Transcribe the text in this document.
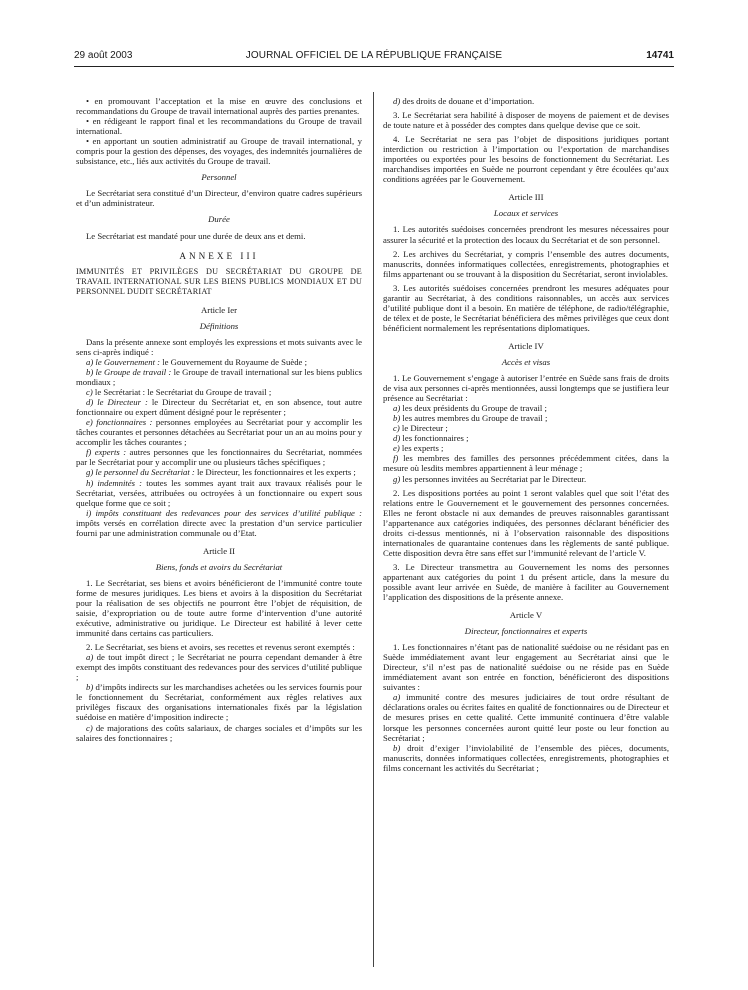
29 août 2003	JOURNAL OFFICIEL DE LA RÉPUBLIQUE FRANÇAISE	14741

• en promouvant l’acceptation et la mise en œuvre des conclusions et recommandations du Groupe de travail international auprès des parties prenantes.

• en rédigeant le rapport final et les recommandations du Groupe de travail international.

• en apportant un soutien administratif au Groupe de travail international, y compris pour la gestion des dépenses, des voyages, des indemnités journalières de subsistance, etc., liés aux activités du Groupe de travail.

Personnel

Le Secrétariat sera constitué d’un Directeur, d’environ quatre cadres supérieurs et d’un administrateur.

Durée

Le Secrétariat est mandaté pour une durée de deux ans et demi.

ANNEXE III

IMMUNITÉS ET PRIVILÈGES DU SECRÉTARIAT DU GROUPE DE TRAVAIL INTERNATIONAL SUR LES BIENS PUBLICS MONDIAUX ET DU PERSONNEL DUDIT SECRÉTARIAT

Article Ier
Définitions

Dans la présente annexe sont employés les expressions et mots suivants avec le sens ci-après indiqué :

a) le Gouvernement : le Gouvernement du Royaume de Suède ;

b) le Groupe de travail : le Groupe de travail international sur les biens publics mondiaux ;

c) le Secrétariat : le Secrétariat du Groupe de travail ;

d) le Directeur : le Directeur du Secrétariat et, en son absence, tout autre fonctionnaire ou expert dûment désigné pour le représenter ;

e) fonctionnaires : personnes employées au Secrétariat pour y accomplir les tâches courantes et personnes détachées au Secrétariat pour un an au moins pour y accomplir les tâches courantes ;

f) experts : autres personnes que les fonctionnaires du Secrétariat, nommées par le Secrétariat pour y accomplir une ou plusieurs tâches spécifiques ;

g) le personnel du Secrétariat : le Directeur, les fonctionnaires et les experts ;

h) indemnités : toutes les sommes ayant trait aux travaux réalisés pour le Secrétariat, versées, attribuées ou octroyées à un fonctionnaire ou expert sous quelque forme que ce soit ;

i) impôts constituant des redevances pour des services d’utilité publique : impôts versés en corrélation directe avec la prestation d’un service particulier fourni par une administration communale ou d’Etat.

Article II
Biens, fonds et avoirs du Secrétariat

1. Le Secrétariat, ses biens et avoirs bénéficieront de l’immunité contre toute forme de mesures juridiques. Les biens et avoirs à la disposition du Secrétariat pour la réalisation de ses objectifs ne pourront être l’objet de réquisition, de saisie, d’expropriation ou de toute autre forme d’intervention d’une autorité exécutive, administrative ou juridique. Le Directeur est habilité à lever cette immunité dans certains cas particuliers.

2. Le Secrétariat, ses biens et avoirs, ses recettes et revenus seront exemptés :

a) de tout impôt direct ; le Secrétariat ne pourra cependant demander à être exempt des impôts constituant des redevances pour des services d’utilité publique ;

b) d’impôts indirects sur les marchandises achetées ou les services fournis pour le fonctionnement du Secrétariat, conformément aux règles relatives aux privilèges fiscaux des organisations internationales fixés par la législation suédoise en matière d’imposition indirecte ;

c) de majorations des coûts salariaux, de charges sociales et d’impôts sur les salaires des fonctionnaires ;

d) des droits de douane et d’importation.

3. Le Secrétariat sera habilité à disposer de moyens de paiement et de devises de toute nature et à posséder des comptes dans quelque devise que ce soit.

4. Le Secrétariat ne sera pas l’objet de dispositions juridiques portant interdiction ou restriction à l’importation ou l’exportation de marchandises importées ou exportées pour les besoins de fonctionnement du Secrétariat. Les marchandises importées en Suède ne pourront cependant y être écoulées qu’aux conditions agréées par le Gouvernement.

Article III
Locaux et services

1. Les autorités suédoises concernées prendront les mesures nécessaires pour assurer la sécurité et la protection des locaux du Secrétariat et de son personnel.

2. Les archives du Secrétariat, y compris l’ensemble des autres documents, manuscrits, données informatiques collectées, enregistrements, photographies et films appartenant ou se trouvant à la disposition du Secrétariat, seront inviolables.

3. Les autorités suédoises concernées prendront les mesures adéquates pour garantir au Secrétariat, à des conditions raisonnables, un accès aux services d’utilité publique dont il a besoin. En matière de téléphone, de radio/télégraphie, de télex et de poste, le Secrétariat bénéficiera des mêmes privilèges que ceux dont bénéficient normalement les représentations diplomatiques.

Article IV
Accès et visas

1. Le Gouvernement s’engage à autoriser l’entrée en Suède sans frais de droits de visa aux personnes ci-après mentionnées, aussi longtemps que se justifiera leur présence au Secrétariat :

a) les deux présidents du Groupe de travail ;

b) les autres membres du Groupe de travail ;

c) le Directeur ;

d) les fonctionnaires ;

e) les experts ;

f) les membres des familles des personnes précédemment citées, dans la mesure où lesdits membres appartiennent à leur ménage ;

g) les personnes invitées au Secrétariat par le Directeur.

2. Les dispositions portées au point 1 seront valables quel que soit l’état des relations entre le Gouvernement et le gouvernement des personnes concernées. Elles ne feront obstacle ni aux demandes de preuves raisonnables garantissant l’appartenance aux catégories indiquées, des personnes déclarant bénéficier des droits ci-dessus mentionnés, ni à l’observation raisonnable des dispositions internationales de quarantaine contenues dans les règlements de santé publique. Cette disposition devra être sans effet sur l’immunité relevant de l’article V.

3. Le Directeur transmettra au Gouvernement les noms des personnes appartenant aux catégories du point 1 du présent article, dans la mesure du possible avant leur arrivée en Suède, de manière à faciliter au Gouvernement l’application des dispositions de la présente annexe.

Article V
Directeur, fonctionnaires et experts

1. Les fonctionnaires n’étant pas de nationalité suédoise ou ne résidant pas en Suède immédiatement avant leur engagement au Secrétariat ainsi que le Directeur, s’il n’est pas de nationalité suédoise ou ne réside pas en Suède immédiatement avant son entrée en fonction, bénéficieront des dispositions suivantes :

a) immunité contre des mesures judiciaires de tout ordre résultant de déclarations orales ou écrites faites en qualité de fonctionnaires ou de Directeur et de mesures prises en cette qualité. Cette immunité continuera d’être valable lorsque les personnes concernées auront quitté leur poste ou leur fonction au Secrétariat ;

b) droit d’exiger l’inviolabilité de l’ensemble des pièces, documents, manuscrits, données informatiques collectées, enregistrements, photographies et films concernant les activités du Secrétariat ;
